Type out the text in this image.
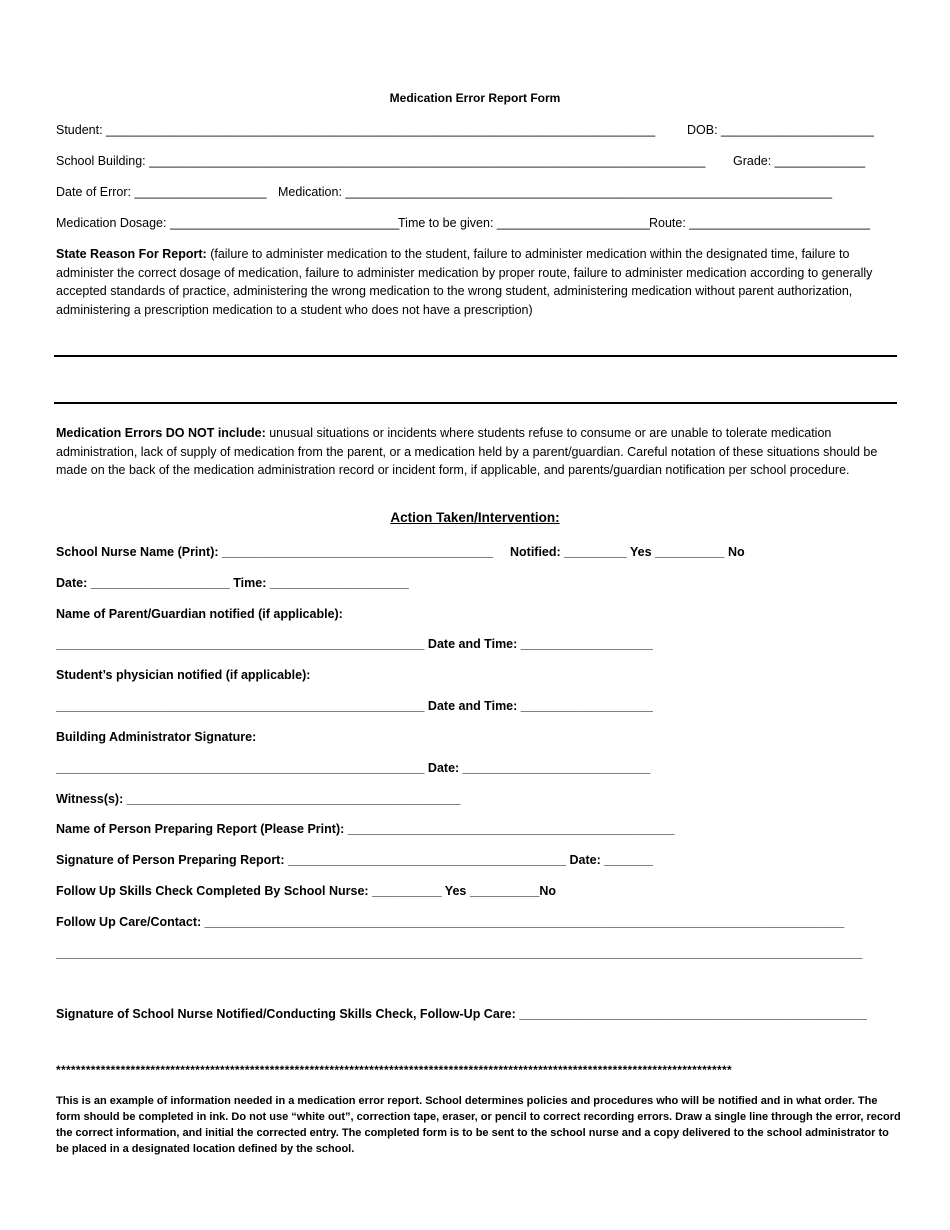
Medication Error Report Form
Student: _______________________________________________________________________________	DOB: ______________________
School Building: ________________________________________________________________________________ Grade: _____________
Date of Error: ___________________ Medication: ______________________________________________________________________
Medication Dosage: _________________________________
Time to be given: ______________________ Route: __________________________
State Reason For Report: (failure to administer medication to the student, failure to administer medication within the designated time, failure to administer the correct dosage of medication, failure to administer medication by proper route, failure to administer medication according to generally accepted standards of practice, administering the wrong medication to the wrong student, administering medication without parent authorization, administering a prescription medication to a student who does not have a prescription)
Medication Errors DO NOT include: unusual situations or incidents where students refuse to consume or are unable to tolerate medication administration, lack of supply of medication from the parent, or a medication held by a parent/guardian. Careful notation of these situations should be made on the back of the medication administration record or incident form, if applicable, and parents/guardian notification per school procedure.
Action Taken/Intervention:
School Nurse Name (Print): _______________________________________ Notified: _________ Yes __________ No
Date: ____________________ Time: ____________________
Name of Parent/Guardian notified (if applicable):
_____________________________________________________ Date and Time: ___________________
Student’s physician notified (if applicable):
_____________________________________________________ Date and Time: ___________________
Building Administrator Signature:
_____________________________________________________ Date: ___________________________
Witness(s): ________________________________________________
Name of Person Preparing Report (Please Print): _______________________________________________
Signature of Person Preparing Report: ________________________________________ Date: _______
Follow Up Skills Check Completed By School Nurse: __________ Yes __________No
Follow Up Care/Contact: ____________________________________________________________________________________________
____________________________________________________________________________________________________________________
Signature of School Nurse Notified/Conducting Skills Check, Follow-Up Care: __________________________________________________
****************************************************************************************************************************************
This is an example of information needed in a medication error report. School determines policies and procedures who will be notified and in what order. The form should be completed in ink. Do not use “white out”, correction tape, eraser, or pencil to correct recording errors. Draw a single line through the error, record the correct information, and initial the corrected entry. The completed form is to be sent to the school nurse and a copy delivered to the school administrator to be placed in a designated location defined by the school.
